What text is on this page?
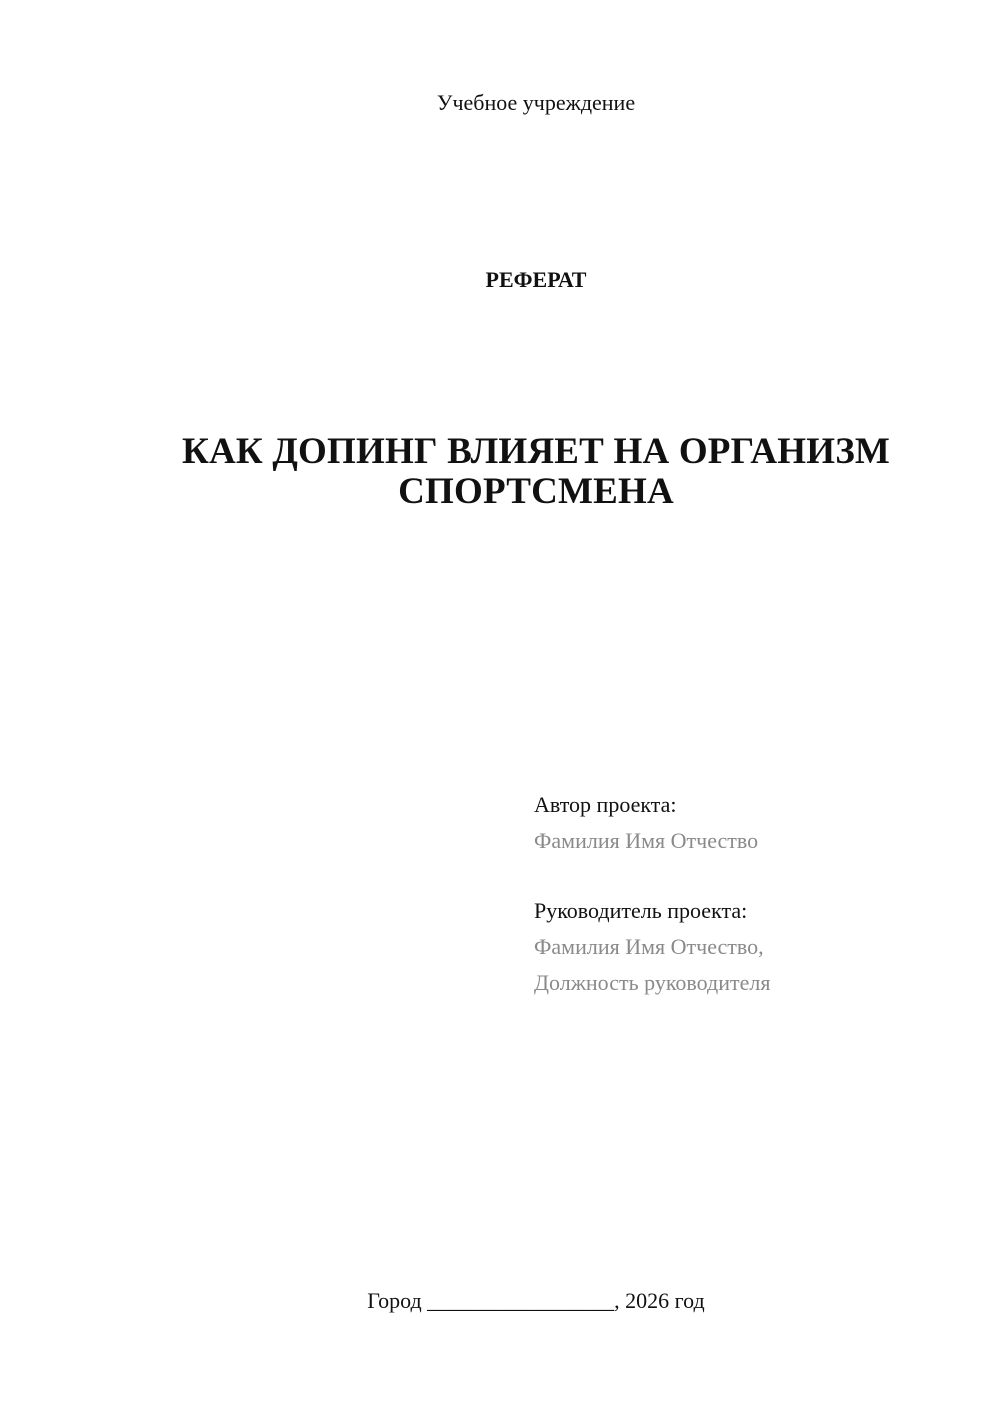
Учебное учреждение
РЕФЕРАТ
КАК ДОПИНГ ВЛИЯЕТ НА ОРГАНИЗМ
СПОРТСМЕНА
Автор проекта:
Фамилия Имя Отчество
Руководитель проекта:
Фамилия Имя Отчество,
Должность руководителя
Город _________________, 2026 год
